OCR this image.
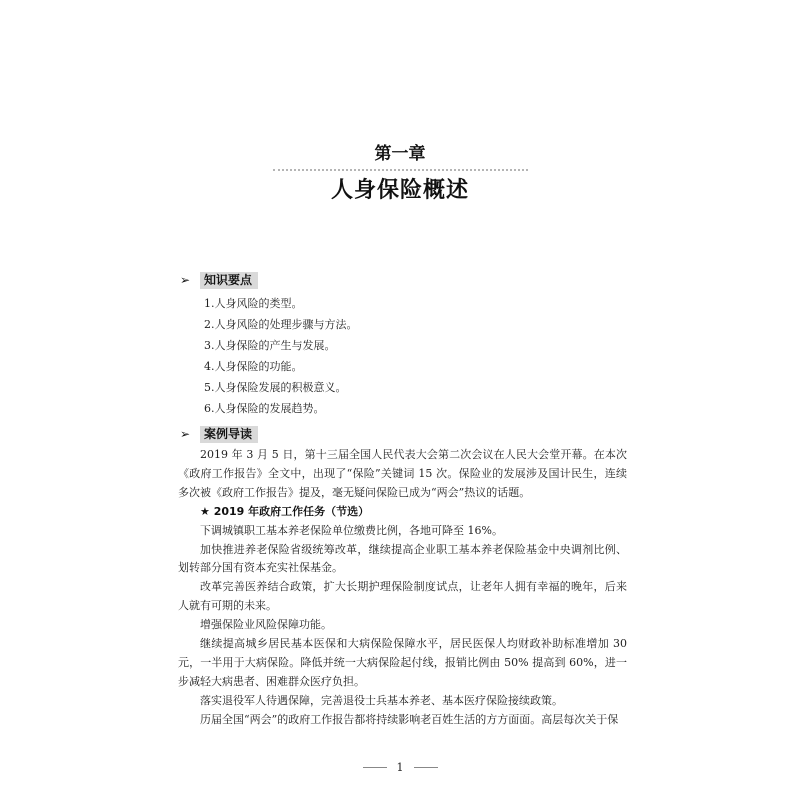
第一章
人身保险概述
➢	知识要点
1.人身风险的类型。
2.人身风险的处理步骤与方法。
3.人身保险的产生与发展。
4.人身保险的功能。
5.人身保险发展的积极意义。
6.人身保险的发展趋势。
➢	案例导读

2019 年 3 月 5 日，第十三届全国人民代表大会第二次会议在人民大会堂开幕。在本次《政府工作报告》全文中，出现了“保险”关键词 15 次。保险业的发展涉及国计民生，连续多次被《政府工作报告》提及，毫无疑问保险已成为“两会”热议的话题。

★ 2019 年政府工作任务（节选）

下调城镇职工基本养老保险单位缴费比例，各地可降至 16%。

加快推进养老保险省级统筹改革，继续提高企业职工基本养老保险基金中央调剂比例、划转部分国有资本充实社保基金。

改革完善医养结合政策，扩大长期护理保险制度试点，让老年人拥有幸福的晚年，后来人就有可期的未来。

增强保险业风险保障功能。

继续提高城乡居民基本医保和大病保险保障水平，居民医保人均财政补助标准增加 30 元，一半用于大病保险。降低并统一大病保险起付线，报销比例由 50% 提高到 60%，进一步减轻大病患者、困难群众医疗负担。

落实退役军人待遇保障，完善退役士兵基本养老、基本医疗保险接续政策。

历届全国“两会”的政府工作报告都将持续影响老百姓生活的方方面面。高层每次关于保

1
